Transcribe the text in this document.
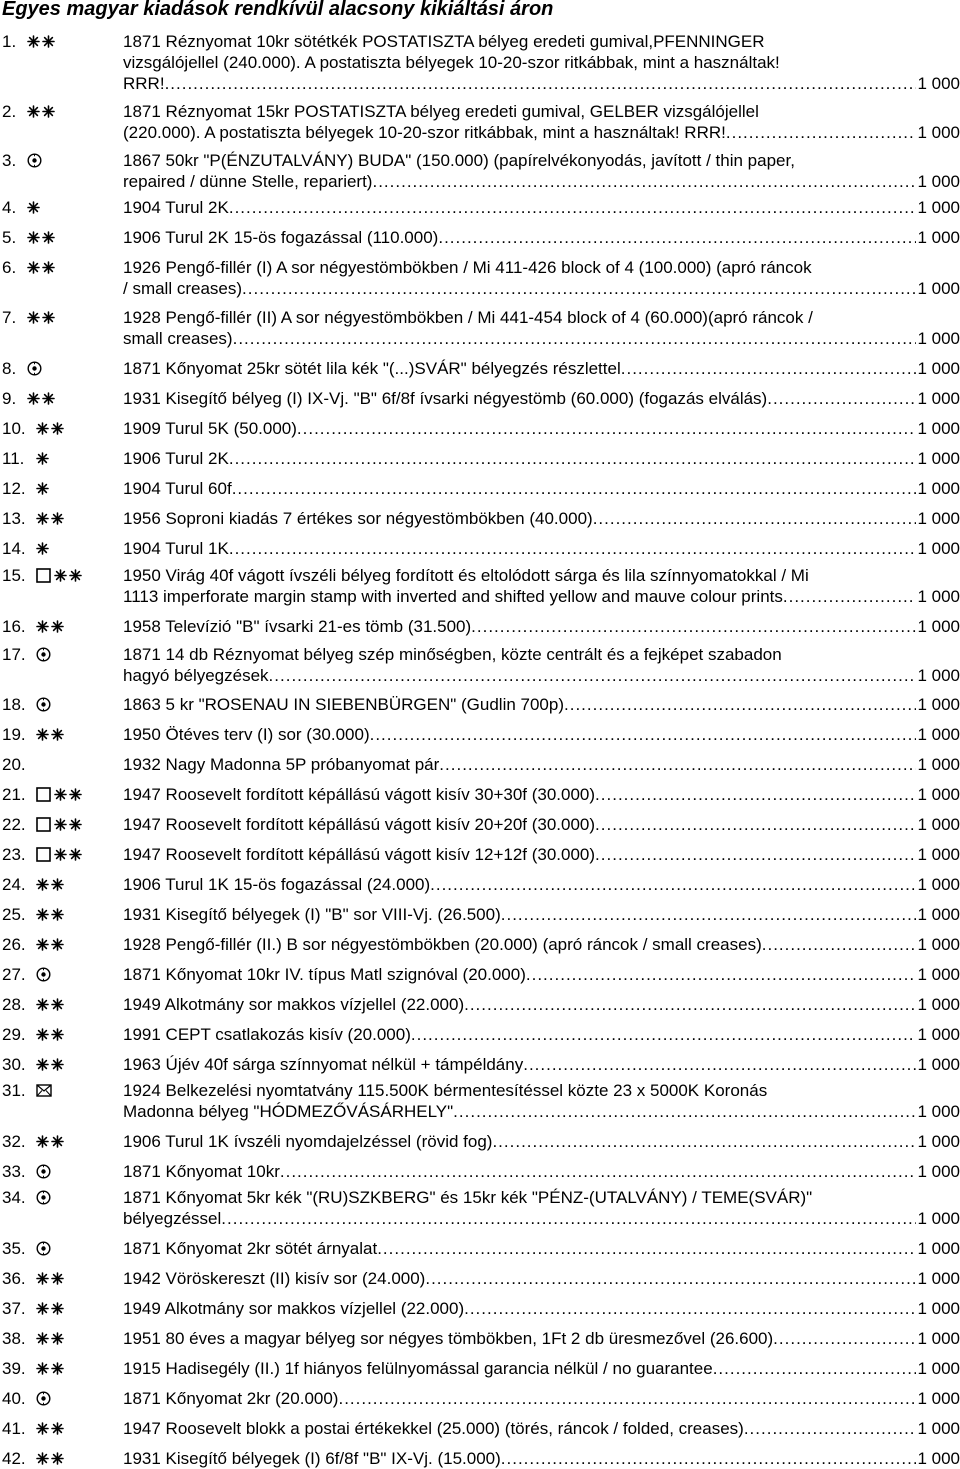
Egyes magyar kiadások rendkívül alacsony kikiáltási áron
1.	1871 Réznyomat 10kr sötétkék POSTATISZTA bélyeg eredeti gumival,PFENNINGER
vizsgálójellel (240.000). A postatiszta bélyegek 10-20-szor ritkábbak, mint a használtak!
RRR! .....	1 000
2.	1871 Réznyomat 15kr POSTATISZTA bélyeg eredeti gumival, GELBER vizsgálójellel
(220.000). A postatiszta bélyegek 10-20-szor ritkábbak, mint a használtak! RRR! .....	1 000
3.	1867 50kr "P(ÉNZUTALVÁNY) BUDA" (150.000) (papírelvékonyodás, javított / thin paper,
repaired / dünne Stelle, repariert) .....	1 000
4.	1904 Turul 2K .....	1 000
5.	1906 Turul 2K 15-ös fogazással (110.000) .....	1 000
6.	1926 Pengő-fillér (I) A sor négyestömbökben / Mi 411-426 block of 4 (100.000) (apró ráncok
/ small creases) .....	1 000
7.	1928 Pengő-fillér (II) A sor négyestömbökben / Mi 441-454 block of 4 (60.000)(apró ráncok /
small creases) .....	1 000
8.	1871 Kőnyomat 25kr sötét lila kék "(...)SVÁR" bélyegzés részlettel .....	1 000
9.	1931 Kisegítő bélyeg (I) IX-Vj. "B" 6f/8f ívsarki négyestömb (60.000) (fogazás elválás) .....	1 000
10.	1909 Turul 5K (50.000) .....	1 000
11.	1906 Turul 2K .....	1 000
12.	1904 Turul 60f .....	1 000
13.	1956 Soproni kiadás 7 értékes sor négyestömbökben (40.000) .....	1 000
14.	1904 Turul 1K .....	1 000
15.	1950 Virág 40f vágott ívszéli bélyeg fordított és eltolódott sárga és lila színnyomatokkal / Mi
1113 imperforate margin stamp with inverted and shifted yellow and mauve colour prints .....	1 000
16.	1958 Televízió "B" ívsarki 21-es tömb (31.500) .....	1 000
17.	1871 14 db Réznyomat bélyeg szép minőségben, közte centrált és a fejképet szabadon
hagyó bélyegzések .....	1 000
18.	1863 5 kr "ROSENAU IN SIEBENBÜRGEN" (Gudlin 700p) .....	1 000
19.	1950 Ötéves terv (I) sor (30.000) .....	1 000
20.	1932 Nagy Madonna 5P próbanyomat pár .....	1 000
21.	1947 Roosevelt fordított képállású vágott kisív 30+30f (30.000) .....	1 000
22.	1947 Roosevelt fordított képállású vágott kisív 20+20f (30.000) .....	1 000
23.	1947 Roosevelt fordított képállású vágott kisív 12+12f (30.000) .....	1 000
24.	1906 Turul 1K 15-ös fogazással (24.000) .....	1 000
25.	1931 Kisegítő bélyegek (I) "B" sor VIII-Vj. (26.500) .....	1 000
26.	1928 Pengő-fillér (II.) B sor négyestömbökben (20.000) (apró ráncok / small creases) .....	1 000
27.	1871 Kőnyomat 10kr IV. típus Matl szignóval (20.000) .....	1 000
28.	1949 Alkotmány sor makkos vízjellel (22.000) .....	1 000
29.	1991 CEPT csatlakozás kisív (20.000) .....	1 000
30.	1963 Újév 40f sárga színnyomat nélkül + támpéldány .....	1 000
31.	1924 Belkezelési nyomtatvány 115.500K bérmentesítéssel közte 23 x 5000K Koronás
Madonna bélyeg "HÓDMEZŐVÁSÁRHELY" .....	1 000
32.	1906 Turul 1K ívszéli nyomdajelzéssel (rövid fog) .....	1 000
33.	1871 Kőnyomat 10kr .....	1 000
34.	1871 Kőnyomat 5kr kék "(RU)SZKBERG" és 15kr kék "PÉNZ-(UTALVÁNY) / TEME(SVÁR)"
bélyegzéssel .....	1 000
35.	1871 Kőnyomat 2kr sötét árnyalat .....	1 000
36.	1942 Vöröskereszt (II) kisív sor (24.000) .....	1 000
37.	1949 Alkotmány sor makkos vízjellel (22.000) .....	1 000
38.	1951 80 éves a magyar bélyeg sor négyes tömbökben, 1Ft 2 db üresmezővel (26.600) .....	1 000
39.	1915 Hadisegély (II.) 1f hiányos felülnyomással garancia nélkül / no guarantee .....	1 000
40.	1871 Kőnyomat 2kr (20.000) .....	1 000
41.	1947 Roosevelt blokk a postai értékekkel (25.000) (törés, ráncok / folded, creases) .....	1 000
42.	1931 Kisegítő bélyegek (I) 6f/8f "B" IX-Vj. (15.000) .....	1 000
